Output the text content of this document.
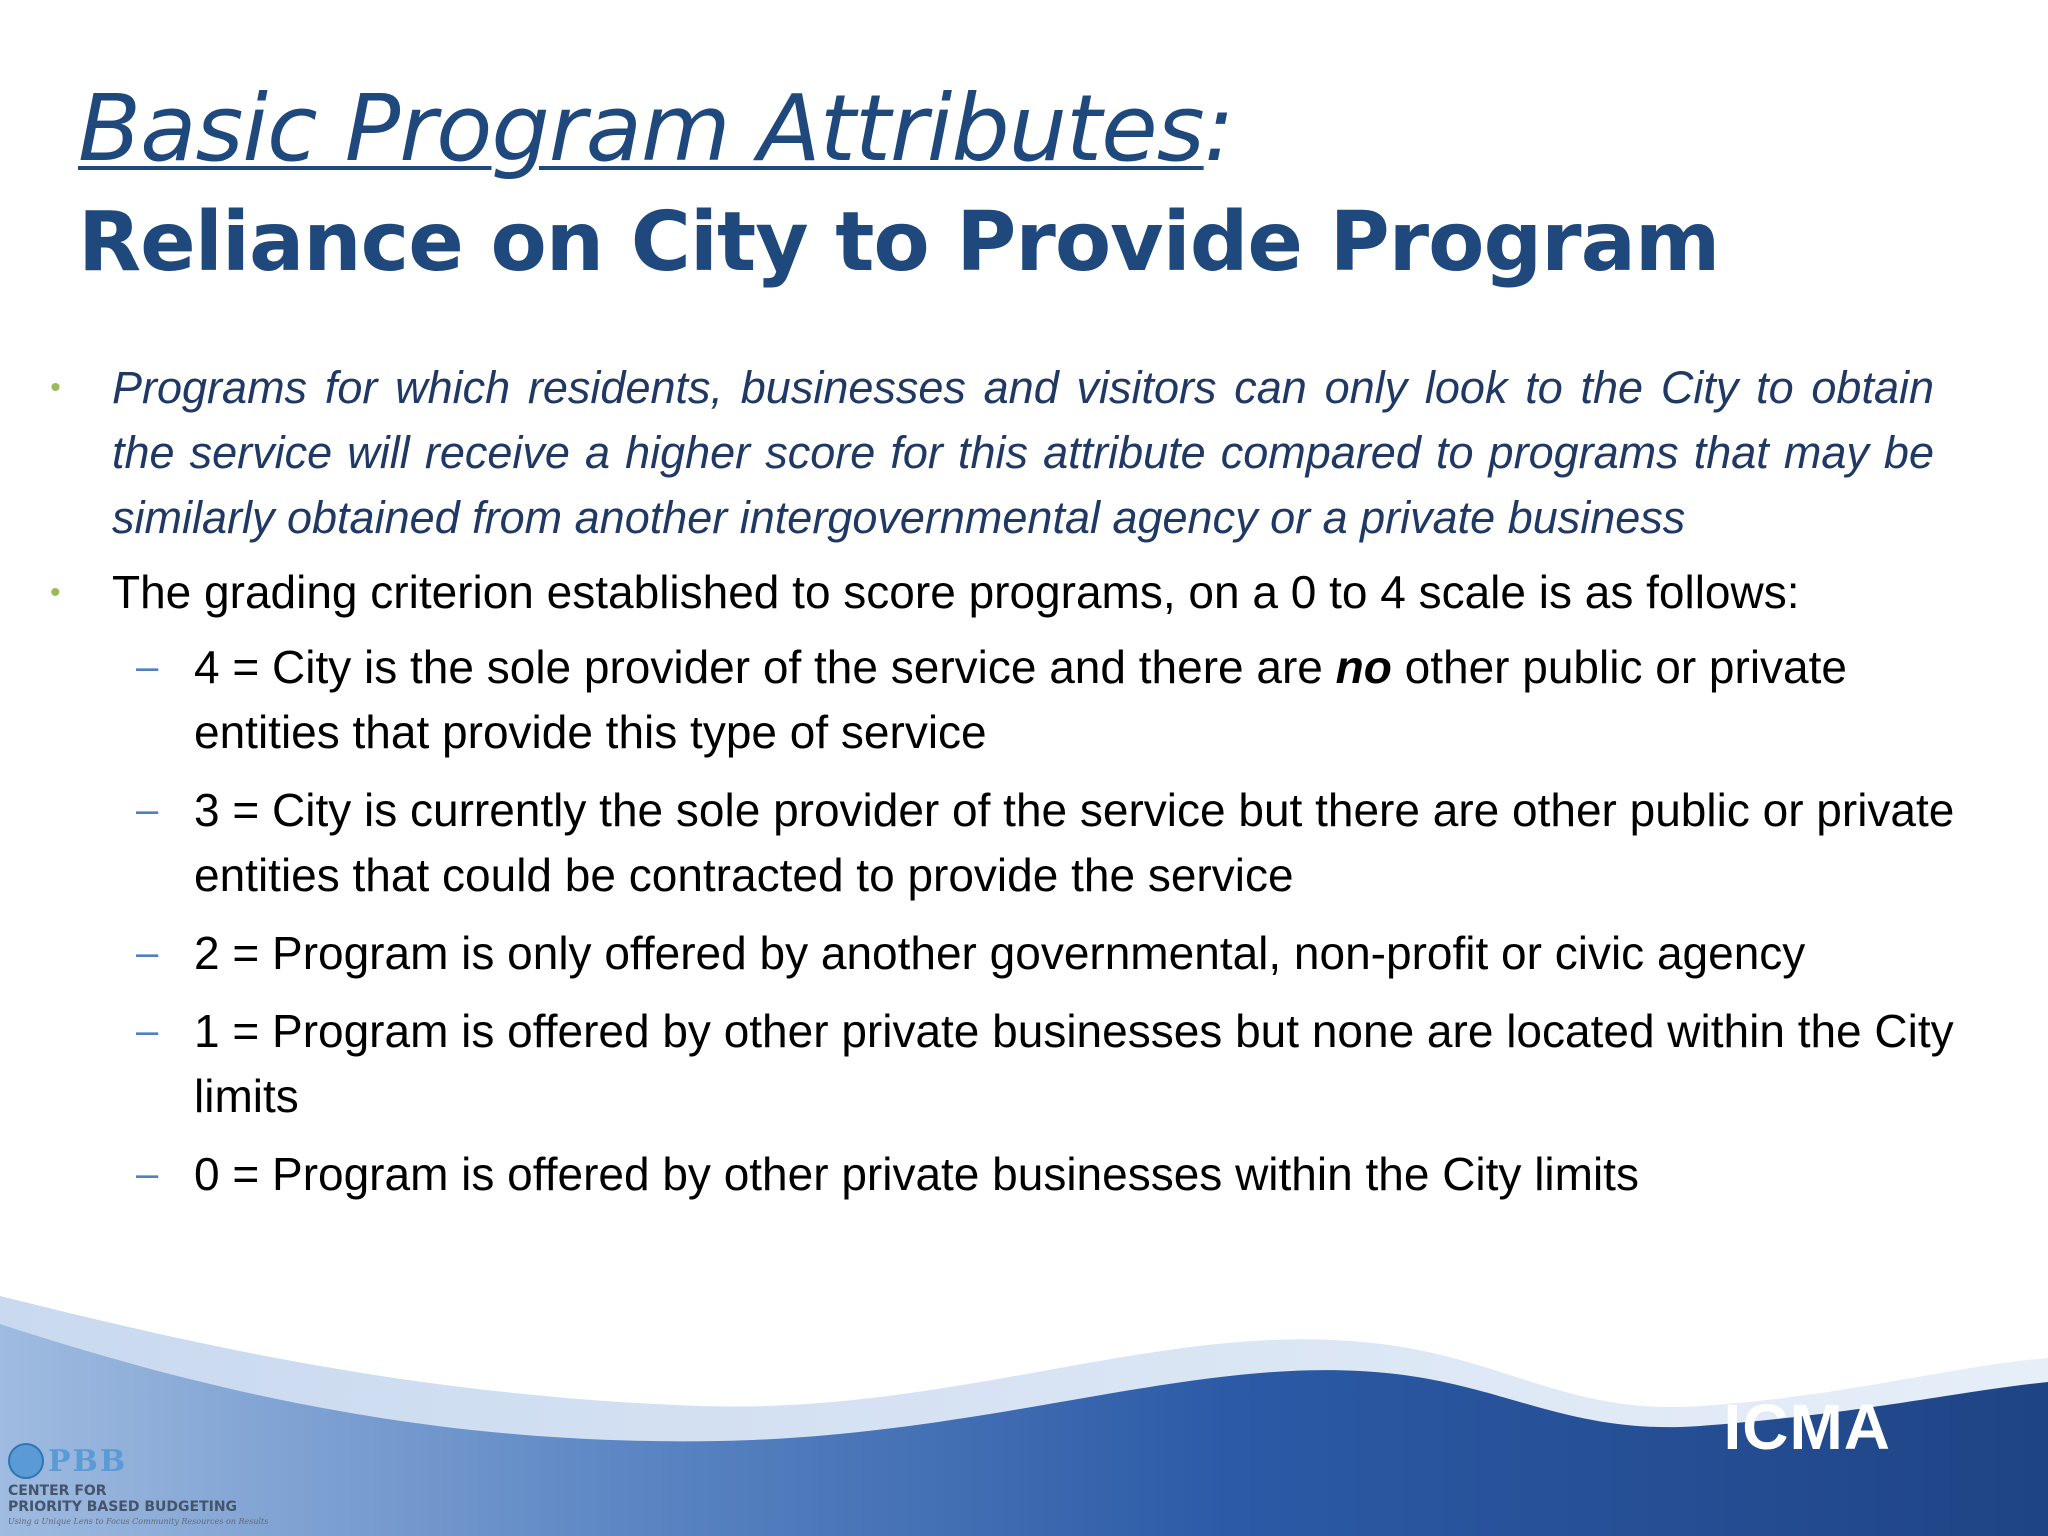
Basic Program Attributes:
Reliance on City to Provide Program
• Programs for which residents, businesses and visitors can only look to the City to obtain the service will receive a higher score for this attribute compared to programs that may be similarly obtained from another intergovernmental agency or a private business
• The grading criterion established to score programs, on a 0 to 4 scale is as follows:
– 4 = City is the sole provider of the service and there are no other public or private entities that provide this type of service
– 3 = City is currently the sole provider of the service but there are other public or private entities that could be contracted to provide the service
– 2 = Program is only offered by another governmental, non-profit or civic agency
– 1 = Program is offered by other private businesses but none are located within the City limits
– 0 = Program is offered by other private businesses within the City limits
ICMA
PBB
CENTER FOR
PRIORITY BASED BUDGETING
Using a Unique Lens to Focus Community Resources on Results
